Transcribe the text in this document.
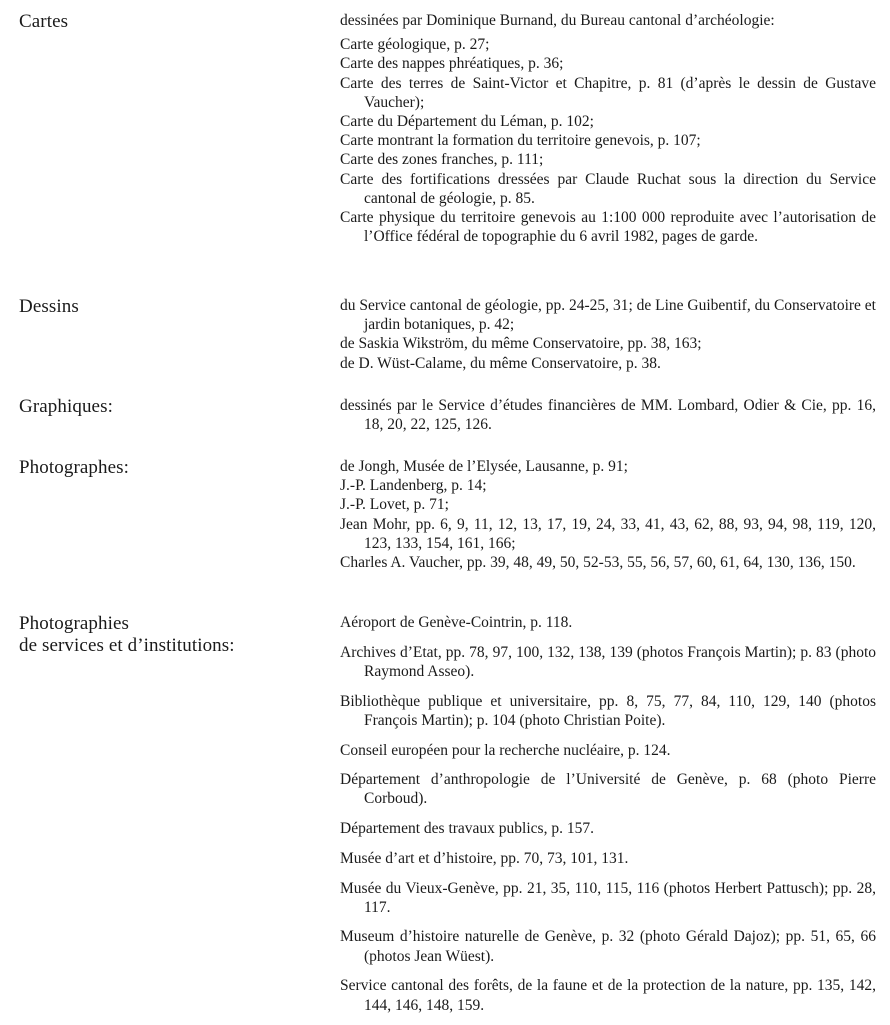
Cartes	dessinées par Dominique Burnand, du Bureau cantonal d’archéologie:
Carte géologique, p. 27;
Carte des nappes phréatiques, p. 36;
Carte des terres de Saint-Victor et Chapitre, p. 81 (d’après le dessin de Gustave Vaucher);
Carte du Département du Léman, p. 102;
Carte montrant la formation du territoire genevois, p. 107;
Carte des zones franches, p. 111;
Carte des fortifications dressées par Claude Ruchat sous la direction du Service cantonal de géologie, p. 85.
Carte physique du territoire genevois au 1:100 000 reproduite avec l’autorisation de l’Office fédéral de topographie du 6 avril 1982, pages de garde.
Dessins	du Service cantonal de géologie, pp. 24-25, 31; de Line Guibentif, du Conservatoire et jardin botaniques, p. 42;
de Saskia Wikström, du même Conservatoire, pp. 38, 163;
de D. Wüst-Calame, du même Conservatoire, p. 38.
Graphiques:	dessinés par le Service d’études financières de MM. Lombard, Odier & Cie, pp. 16, 18, 20, 22, 125, 126.
Photographes:	de Jongh, Musée de l’Elysée, Lausanne, p. 91;
J.-P. Landenberg, p. 14;
J.-P. Lovet, p. 71;
Jean Mohr, pp. 6, 9, 11, 12, 13, 17, 19, 24, 33, 41, 43, 62, 88, 93, 94, 98, 119, 120, 123, 133, 154, 161, 166;
Charles A. Vaucher, pp. 39, 48, 49, 50, 52-53, 55, 56, 57, 60, 61, 64, 130, 136, 150.
Photographies
de services et d’institutions:
Aéroport de Genève-Cointrin, p. 118.
Archives d’Etat, pp. 78, 97, 100, 132, 138, 139 (photos François Martin); p. 83 (photo Raymond Asseo).
Bibliothèque publique et universitaire, pp. 8, 75, 77, 84, 110, 129, 140 (photos François Martin); p. 104 (photo Christian Poite).
Conseil européen pour la recherche nucléaire, p. 124.
Département d’anthropologie de l’Université de Genève, p. 68 (photo Pierre Corboud).
Département des travaux publics, p. 157.
Musée d’art et d’histoire, pp. 70, 73, 101, 131.
Musée du Vieux-Genève, pp. 21, 35, 110, 115, 116 (photos Herbert Pattusch); pp. 28, 117.
Museum d’histoire naturelle de Genève, p. 32 (photo Gérald Dajoz); pp. 51, 65, 66 (photos Jean Wüest).
Service cantonal des forêts, de la faune et de la protection de la nature, pp. 135, 142, 144, 146, 148, 159.
